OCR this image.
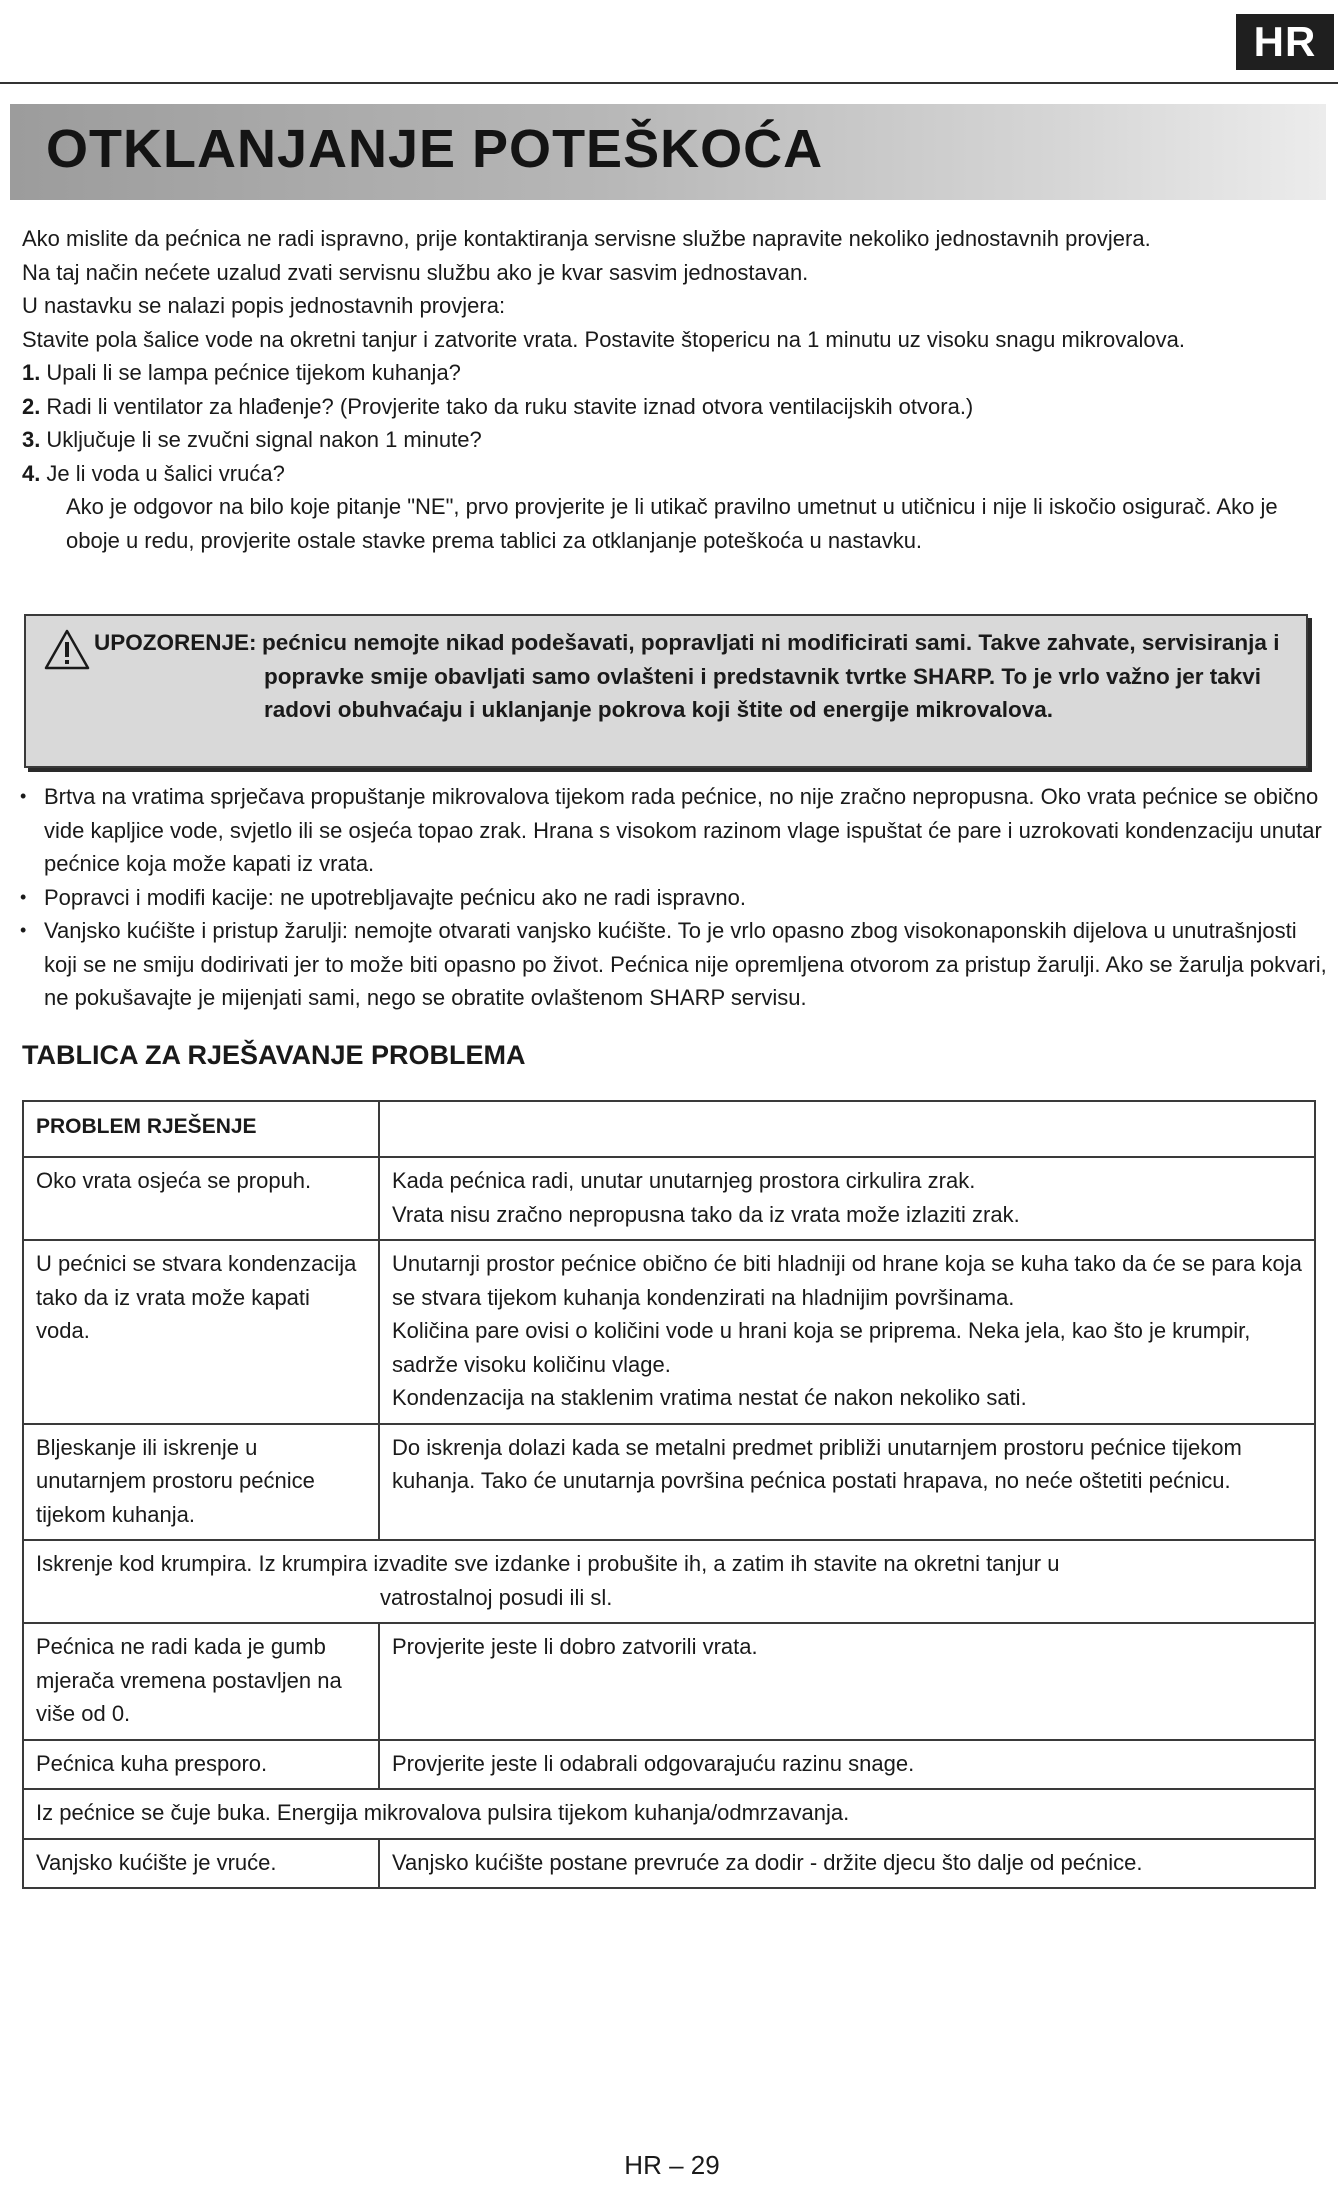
HR
OTKLANJANJE POTEŠKOĆA

Ako mislite da pećnica ne radi ispravno, prije kontaktiranja servisne službe napravite nekoliko jednostavnih provjera.

Na taj način nećete uzalud zvati servisnu službu ako je kvar sasvim jednostavan.

U nastavku se nalazi popis jednostavnih provjera:

Stavite pola šalice vode na okretni tanjur i zatvorite vrata. Postavite štopericu na 1 minutu uz visoku snagu mikrovalova.

1. Upali li se lampa pećnice tijekom kuhanja?

2. Radi li ventilator za hlađenje? (Provjerite tako da ruku stavite iznad otvora ventilacijskih otvora.)

3. Uključuje li se zvučni signal nakon 1 minute?

4. Je li voda u šalici vruća?

Ako je odgovor na bilo koje pitanje "NE", prvo provjerite je li utikač pravilno umetnut u utičnicu i nije li iskočio osigurač. Ako je oboje u redu, provjerite ostale stavke prema tablici za otklanjanje poteškoća u nastavku.

UPOZORENJE: pećnicu nemojte nikad podešavati, popravljati ni modificirati sami. Takve zahvate, servisiranja i popravke smije obavljati samo ovlašteni i predstavnik tvrtke SHARP. To je vrlo važno jer takvi radovi obuhvaćaju i uklanjanje pokrova koji štite od energije mikrovalova.
• Brtva na vratima sprječava propuštanje mikrovalova tijekom rada pećnice, no nije zračno nepropusna. Oko vrata pećnice se obično vide kapljice vode, svjetlo ili se osjeća topao zrak. Hrana s visokom razinom vlage ispuštat će pare i uzrokovati kondenzaciju unutar pećnice koja može kapati iz vrata.
• Popravci i modifi kacije: ne upotrebljavajte pećnicu ako ne radi ispravno.
• Vanjsko kućište i pristup žarulji: nemojte otvarati vanjsko kućište. To je vrlo opasno zbog visokonaponskih dijelova u unutrašnjosti koji se ne smiju dodirivati jer to može biti opasno po život. Pećnica nije opremljena otvorom za pristup žarulji. Ako se žarulja pokvari, ne pokušavajte je mijenjati sami, nego se obratite ovlaštenom SHARP servisu.
TABLICA ZA RJEŠAVANJE PROBLEMA
PROBLEM RJEŠENJE	
Oko vrata osjeća se propuh.	Kada pećnica radi, unutar unutarnjeg prostora cirkulira zrak.
Vrata nisu zračno nepropusna tako da iz vrata može izlaziti zrak.
U pećnici se stvara kondenzacija tako da iz vrata može kapati voda.	Unutarnji prostor pećnice obično će biti hladniji od hrane koja se kuha tako da će se para koja se stvara tijekom kuhanja kondenzirati na hladnijim površinama.
Količina pare ovisi o količini vode u hrani koja se priprema. Neka jela, kao što je krumpir, sadrže visoku količinu vlage.
Kondenzacija na staklenim vratima nestat će nakon nekoliko sati.
Bljeskanje ili iskrenje u unutarnjem prostoru pećnice tijekom kuhanja.	Do iskrenja dolazi kada se metalni predmet približi unutarnjem prostoru pećnice tijekom kuhanja. Tako će unutarnja površina pećnica postati hrapava, no neće oštetiti pećnicu.
Iskrenje kod krumpira. Iz krumpira izvadite sve izdanke i probušite ih, a zatim ih stavite na okretni tanjur u
vatrostalnoj posudi ili sl.	

Pećnica ne radi kada je gumb mjerača vremena postavljen na više od 0.	Provjerite jeste li dobro zatvorili vrata.
Pećnica kuha presporo.	Provjerite jeste li odabrali odgovarajuću razinu snage.
Iz pećnice se čuje buka. Energija mikrovalova pulsira tijekom kuhanja/odmrzavanja.	
Vanjsko kućište je vruće.	Vanjsko kućište postane prevruće za dodir - držite djecu što dalje od pećnice.
HR – 29
